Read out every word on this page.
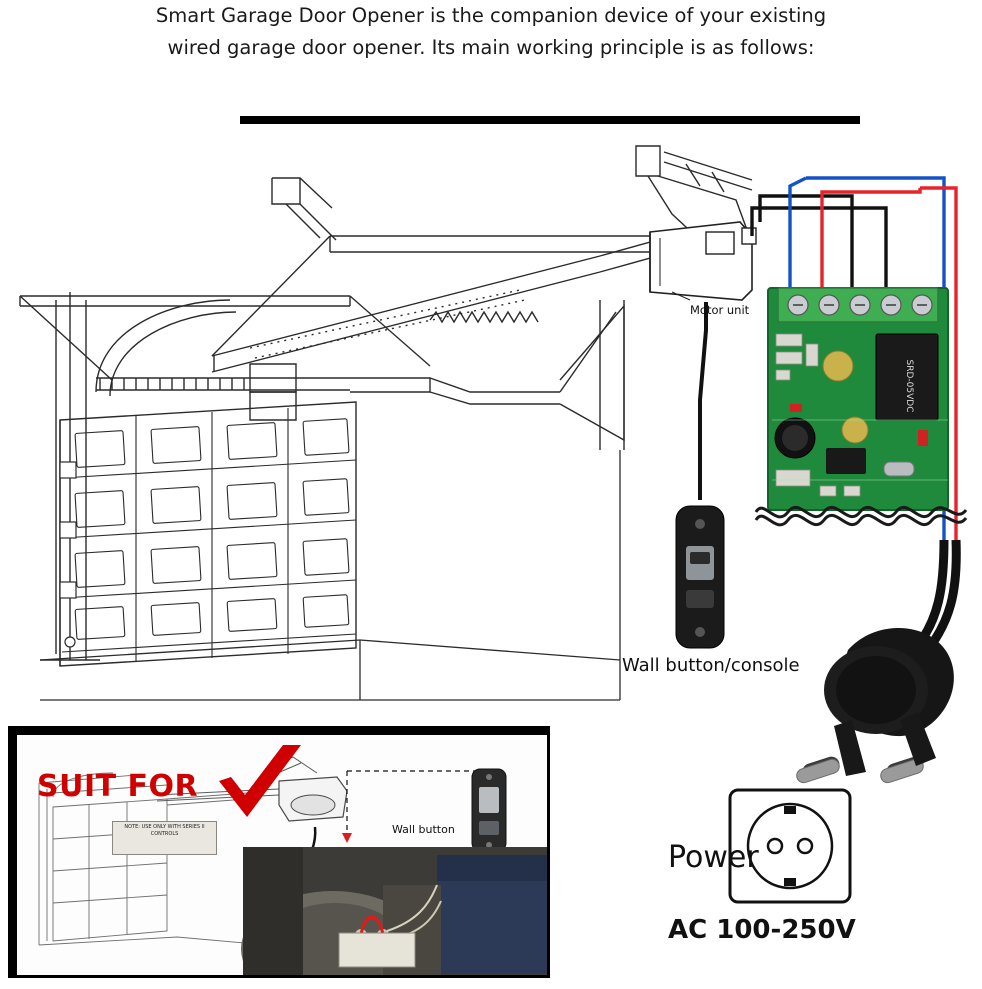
Smart Garage Door Opener is the companion device of your existing
wired garage door opener. Its main working principle is as follows:
SRD-05VDC
Motor unit
Wall button/console
Power
AC 100-250V
SUIT FOR
Wall button
NOTE: USE ONLY WITH SERIES II CONTROLS
